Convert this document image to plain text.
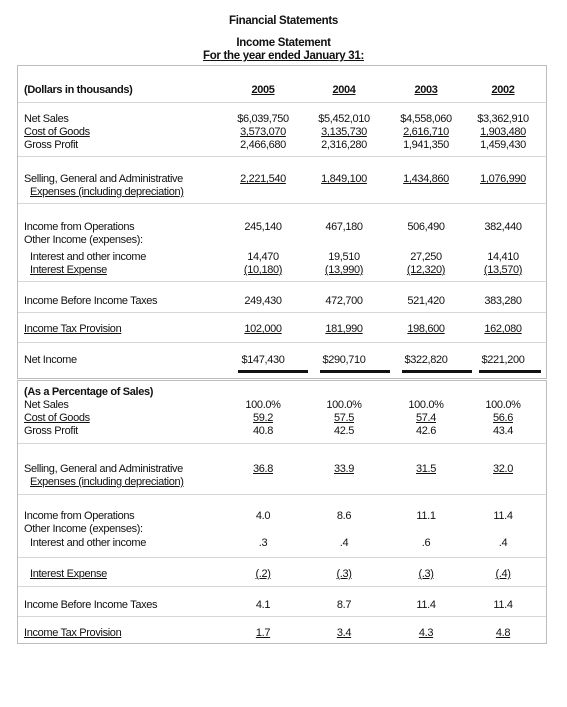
Financial Statements
Income Statement
For the year ended January 31:
(Dollars in thousands)	2005	2004	2003	2002
Net Sales	$6,039,750	$5,452,010	$4,558,060	$3,362,910
Cost of Goods	3,573,070	3,135,730	2,616,710	1,903,480
Gross Profit	2,466,680	2,316,280	1,941,350	1,459,430
Selling, General and Administrative	2,221,540	1,849,100	1,434,860	1,076,990
Expenses (including depreciation)
Income from Operations	245,140	467,180	506,490	382,440
Other Income (expenses):
Interest and other income	14,470	19,510	27,250	14,410
Interest Expense	(10,180)	(13,990)	(12,320)	(13,570)
Income Before Income Taxes	249,430	472,700	521,420	383,280
Income Tax Provision	102,000	181,990	198,600	162,080
Net Income	$147,430	$290,710	$322,820	$221,200
(As a Percentage of Sales)
Net Sales	100.0%	100.0%	100.0%	100.0%
Cost of Goods	59.2	57.5	57.4	56.6
Gross Profit	40.8	42.5	42.6	43.4
Selling, General and Administrative	36.8	33.9	31.5	32.0
Expenses (including depreciation)
Income from Operations	4.0	8.6	11.1	11.4
Other Income (expenses):
Interest and other income	.3	.4	.6	.4
Interest Expense	(.2)	(.3)	(.3)	(.4)
Income Before Income Taxes	4.1	8.7	11.4	11.4
Income Tax Provision	1.7	3.4	4.3	4.8
